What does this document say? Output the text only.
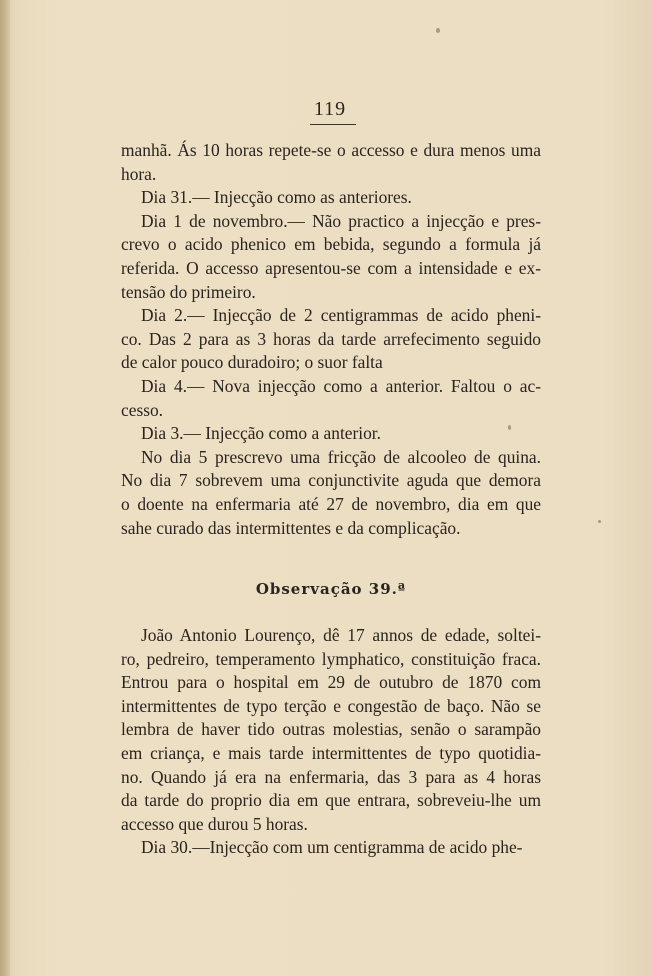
119

manhã. Ás 10 horas repete-se o accesso e dura menos uma

hora.

Dia 31.— Injecção como as anteriores.

Dia 1 de novembro.— Não practico a injecção e pres-

crevo o acido phenico em bebida, segundo a formula já

referida. O accesso apresentou-se com a intensidade e ex-

tensão do primeiro.

Dia 2.— Injecção de 2 centigrammas de acido pheni-

co. Das 2 para as 3 horas da tarde arrefecimento seguido

de calor pouco duradoiro; o suor falta

Dia 4.— Nova injecção como a anterior. Faltou o ac-

cesso.

Dia 3.— Injecção como a anterior.

No dia 5 prescrevo uma fricção de alcooleo de quina.

No dia 7 sobrevem uma conjunctivite aguda que demora

o doente na enfermaria até 27 de novembro, dia em que

sahe curado das intermittentes e da complicação.

Observação 39.ª

João Antonio Lourenço, dê 17 annos de edade, soltei-

ro, pedreiro, temperamento lymphatico, constituição fraca.

Entrou para o hospital em 29 de outubro de 1870 com

intermittentes de typo terção e congestão de baço. Não se

lembra de haver tido outras molestias, senão o sarampão

em criança, e mais tarde intermittentes de typo quotidia-

no. Quando já era na enfermaria, das 3 para as 4 horas

da tarde do proprio dia em que entrara, sobreveiu-lhe um

accesso que durou 5 horas.

Dia 30.—Injecção com um centigramma de acido phe-
